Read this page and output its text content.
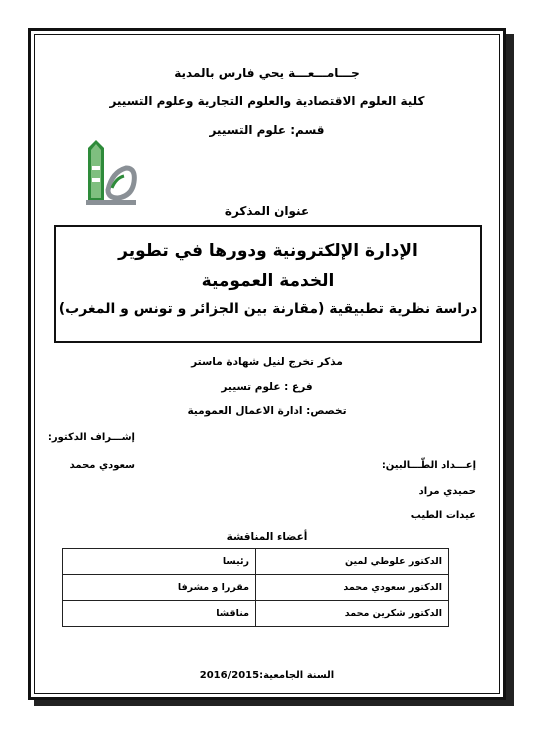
جـــامـــعـــة يحي فارس بالمدية
كلية العلوم الاقتصادية والعلوم التجارية وعلوم التسيير
قسم: علوم التسيير
عنوان المذكرة
الإدارة الإلكترونية ودورها في تطوير
الخدمة العمومية
دراسة نظرية تطبيقية (مقارنة بين الجزائر و تونس و المغرب)
مذكر تخرج لنيل شهادة ماستر
فرع : علوم تسيير
تخصص: ادارة الاعمال العمومية
إشـــراف الدكتور:
سعودي محمد	إعـــداد الطّـــالبين:
حميدي مراد
عيدات الطيب
أعضاء المناقشة
الدكتور علوطي لمين	رئيسا
الدكتور سعودي محمد	مقررا و مشرفا
الدكتور شكرين محمد	مناقشا
السنة الجامعية:2016/2015
